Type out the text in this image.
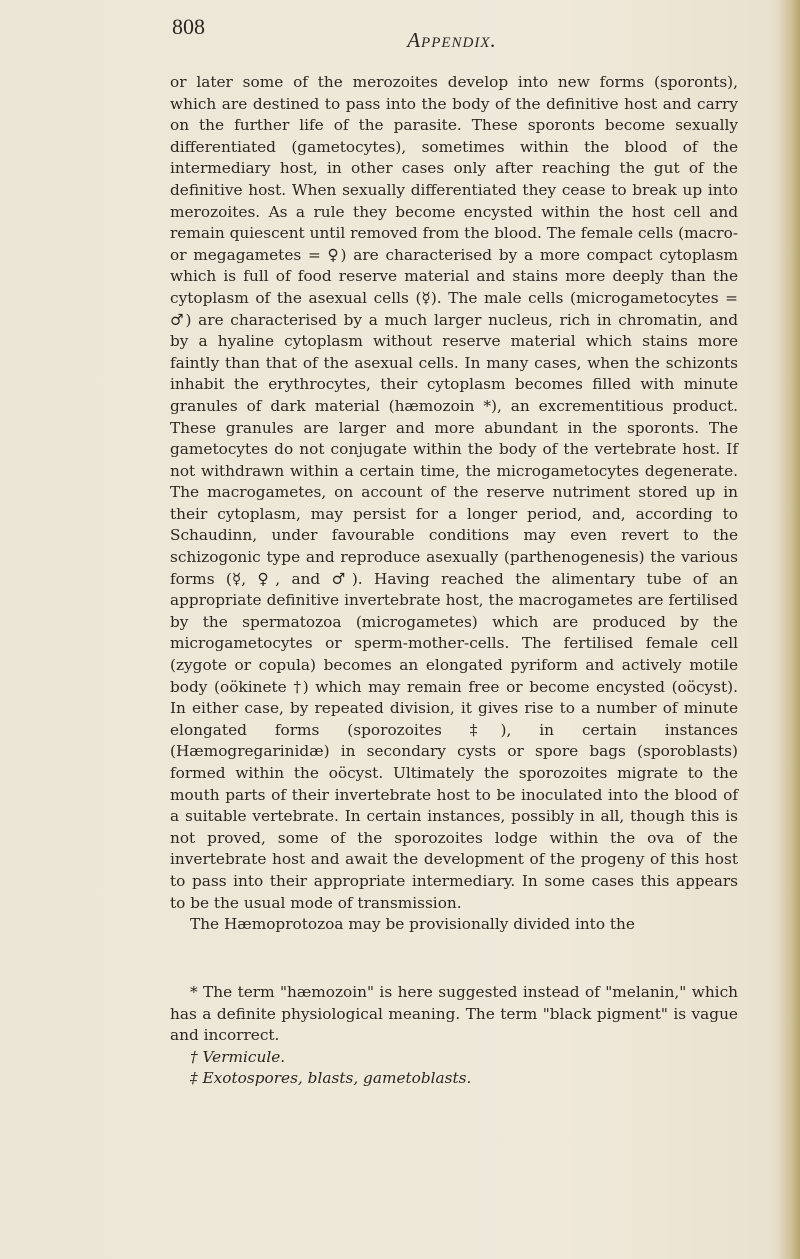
808
Appendix.

or later some of the merozoites develop into new forms (sporonts), which are destined to pass into the body of the definitive host and carry on the further life of the parasite. These sporonts become sexually differentiated (gametocytes), sometimes within the blood of the intermediary host, in other cases only after reaching the gut of the definitive host. When sexually differentiated they cease to break up into merozoites. As a rule they become encysted within the host cell and remain quiescent until removed from the blood. The female cells (macro- or megagametes = ♀) are characterised by a more compact cytoplasm which is full of food reserve material and stains more deeply than the cytoplasm of the asexual cells (☿). The male cells (microgametocytes = ♂) are characterised by a much larger nucleus, rich in chromatin, and by a hyaline cytoplasm without reserve material which stains more faintly than that of the asexual cells. In many cases, when the schizonts inhabit the erythrocytes, their cytoplasm becomes filled with minute granules of dark material (hæmozoin *), an excrementitious product. These granules are larger and more abundant in the sporonts. The gametocytes do not conjugate within the body of the vertebrate host. If not withdrawn within a certain time, the microgametocytes degenerate. The macrogametes, on account of the reserve nutriment stored up in their cytoplasm, may persist for a longer period, and, according to Schaudinn, under favourable conditions may even revert to the schizogonic type and reproduce asexually (parthenogenesis) the various forms (☿, ♀, and ♂). Having reached the alimentary tube of an appropriate definitive invertebrate host, the macrogametes are fertilised by the spermatozoa (microgametes) which are produced by the microgametocytes or sperm-mother-cells. The fertilised female cell (zygote or copula) becomes an elongated pyriform and actively motile body (oökinete †) which may remain free or become encysted (oöcyst). In either case, by repeated division, it gives rise to a number of minute elongated forms (sporozoites ‡), in certain instances (Hæmogregarinidæ) in secondary cysts or spore bags (sporoblasts) formed within the oöcyst. Ultimately the sporozoites migrate to the mouth parts of their invertebrate host to be inoculated into the blood of a suitable vertebrate. In certain instances, possibly in all, though this is not proved, some of the sporozoites lodge within the ova of the invertebrate host and await the development of the progeny of this host to pass into their appropriate intermediary. In some cases this appears to be the usual mode of transmission.

The Hæmoprotozoa may be provisionally divided into the

* The term "hæmozoin" is here suggested instead of "melanin," which has a definite physiological meaning. The term "black pigment" is vague and incorrect.

† Vermicule.

‡ Exotospores, blasts, gametoblasts.
